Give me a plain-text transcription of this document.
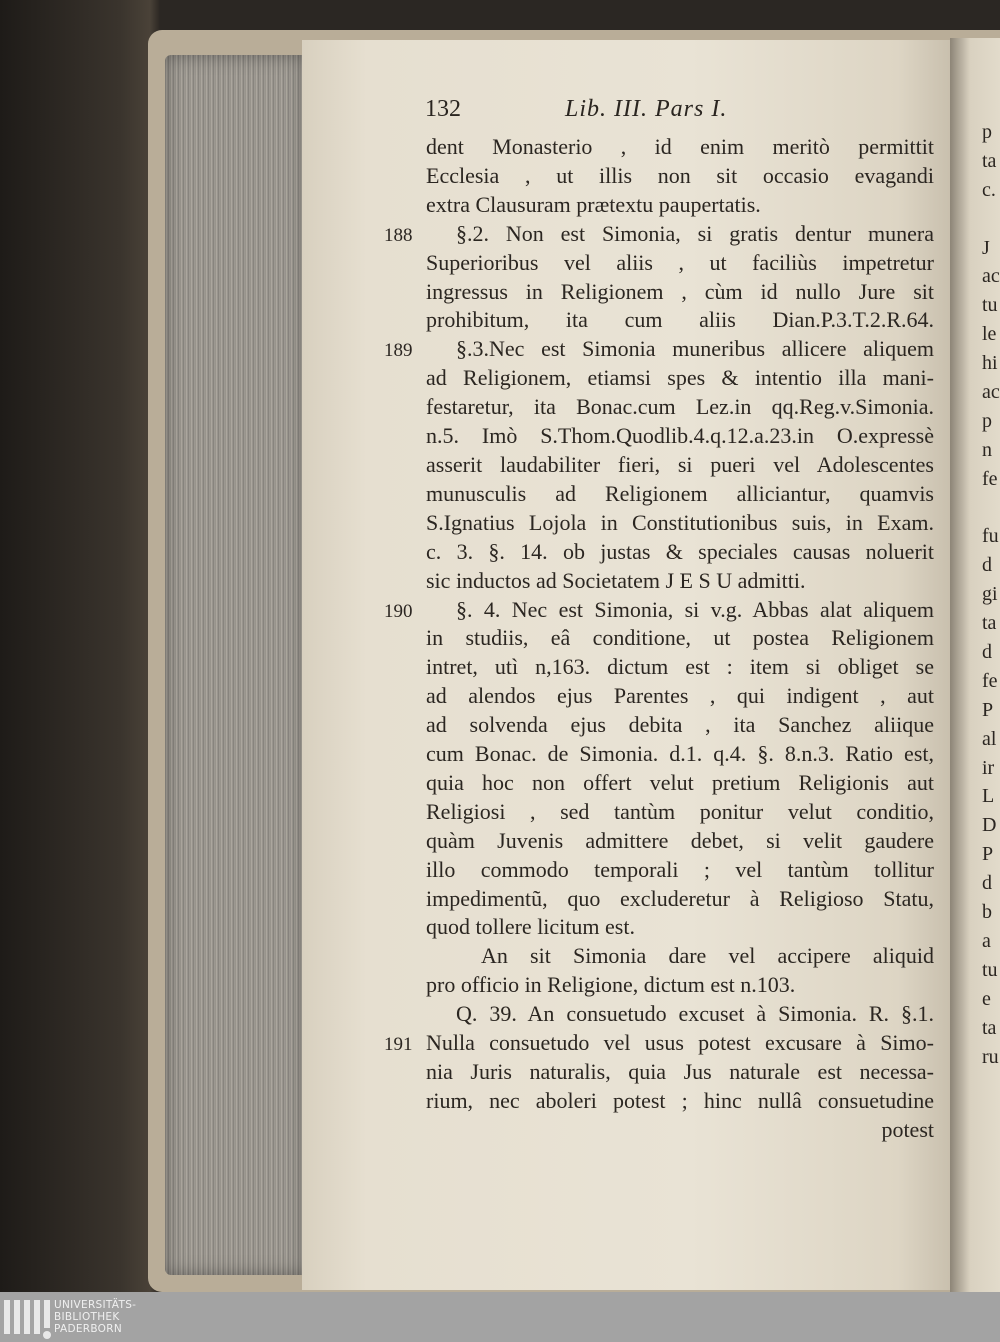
132	Lib. III. Pars I.
dent Monasterio , id enim meritò permittit
Ecclesia , ut illis non sit occasio evagandi
extra Clausuram prætextu paupertatis.
188	§.2. Non est Simonia, si gratis dentur munera
Superioribus vel aliis , ut faciliùs impetretur
ingressus in Religionem , cùm id nullo Jure sit
prohibitum, ita cum aliis Dian.P.3.T.2.R.64.
189	§.3.Nec est Simonia muneribus allicere aliquem
ad Religionem, etiamsi spes & intentio illa mani-
festaretur, ita Bonac.cum Lez.in qq.Reg.v.Simonia.
n.5. Imò S.Thom.Quodlib.4.q.12.a.23.in O.expressè
asserit laudabiliter fieri, si pueri vel Adolescentes
munusculis ad Religionem alliciantur, quamvis
S.Ignatius Lojola in Constitutionibus suis, in Exam.
c. 3. §. 14. ob justas & speciales causas noluerit
sic inductos ad Societatem J E S U admitti.
190	§. 4. Nec est Simonia, si v.g. Abbas alat aliquem
in studiis, eâ conditione, ut postea Religionem
intret, utì n,163. dictum est : item si obliget se
ad alendos ejus Parentes , qui indigent , aut
ad solvenda ejus debita , ita Sanchez aliique
cum Bonac. de Simonia. d.1. q.4. §. 8.n.3. Ratio est,
quia hoc non offert velut pretium Religionis aut
Religiosi , sed tantùm ponitur velut conditio,
quàm Juvenis admittere debet, si velit gaudere
illo commodo temporali ; vel tantùm tollitur
impedimentũ, quo excluderetur à Religioso Statu,
quod tollere licitum est.
An sit Simonia dare vel accipere aliquid
pro officio in Religione, dictum est n.103.
Q. 39. An consuetudo excuset à Simonia. R. §.1.
191 Nulla consuetudo vel usus potest excusare à Simo-
nia Juris naturalis, quia Jus naturale est necessa-
rium, nec aboleri potest ; hinc nullâ consuetudine
potest
p
ta
c.
J
ac
tu
le
hi
ac
p
n
fe
fu
d
gi
ta
d
fe
P
al
ir
L
D
P
d
b
a
tu
e
ta
ru
UNIVERSITÄTS-
BIBLIOTHEK
PADERBORN
